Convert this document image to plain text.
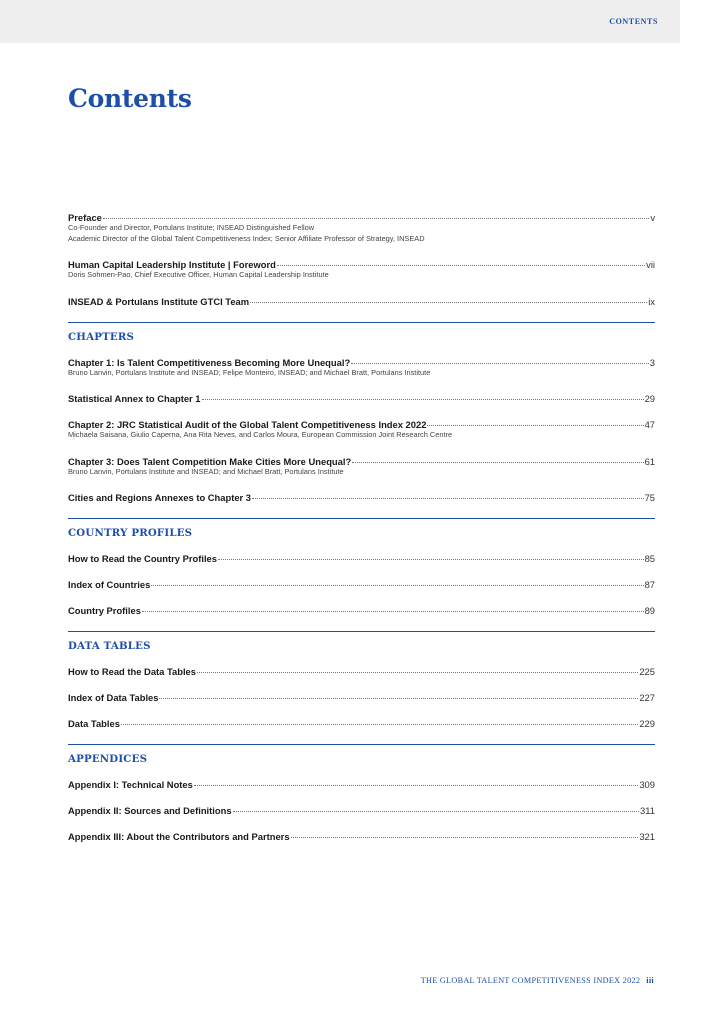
CONTENTS
Contents
Preface	v
Co-Founder and Director, Portulans Institute; INSEAD Distinguished Fellow
Academic Director of the Global Talent Competitiveness Index; Senior Affiliate Professor of Strategy, INSEAD
Human Capital Leadership Institute | Foreword	vii
Doris Sohmen-Pao, Chief Executive Officer, Human Capital Leadership Institute
INSEAD & Portulans Institute GTCI Team	ix
CHAPTERS
Chapter 1: Is Talent Competitiveness Becoming More Unequal?	3
Bruno Lanvin, Portulans Institute and INSEAD; Felipe Monteiro, INSEAD; and Michael Bratt, Portulans Institute
Statistical Annex to Chapter 1	29
Chapter 2: JRC Statistical Audit of the Global Talent Competitiveness Index 2022	47
Michaela Saisana, Giulio Caperna, Ana Rita Neves, and Carlos Moura, European Commission Joint Research Centre
Chapter 3: Does Talent Competition Make Cities More Unequal?	61
Bruno Lanvin, Portulans Institute and INSEAD; and Michael Bratt, Portulans Institute
Cities and Regions Annexes to Chapter 3	75
COUNTRY PROFILES
How to Read the Country Profiles	85
Index of Countries	87
Country Profiles	89
DATA TABLES
How to Read the Data Tables	225
Index of Data Tables	227
Data Tables	229
APPENDICES
Appendix I: Technical Notes	309
Appendix II: Sources and Definitions	311
Appendix III: About the Contributors and Partners	321
THE GLOBAL TALENT COMPETITIVENESS INDEX 2022 iii
